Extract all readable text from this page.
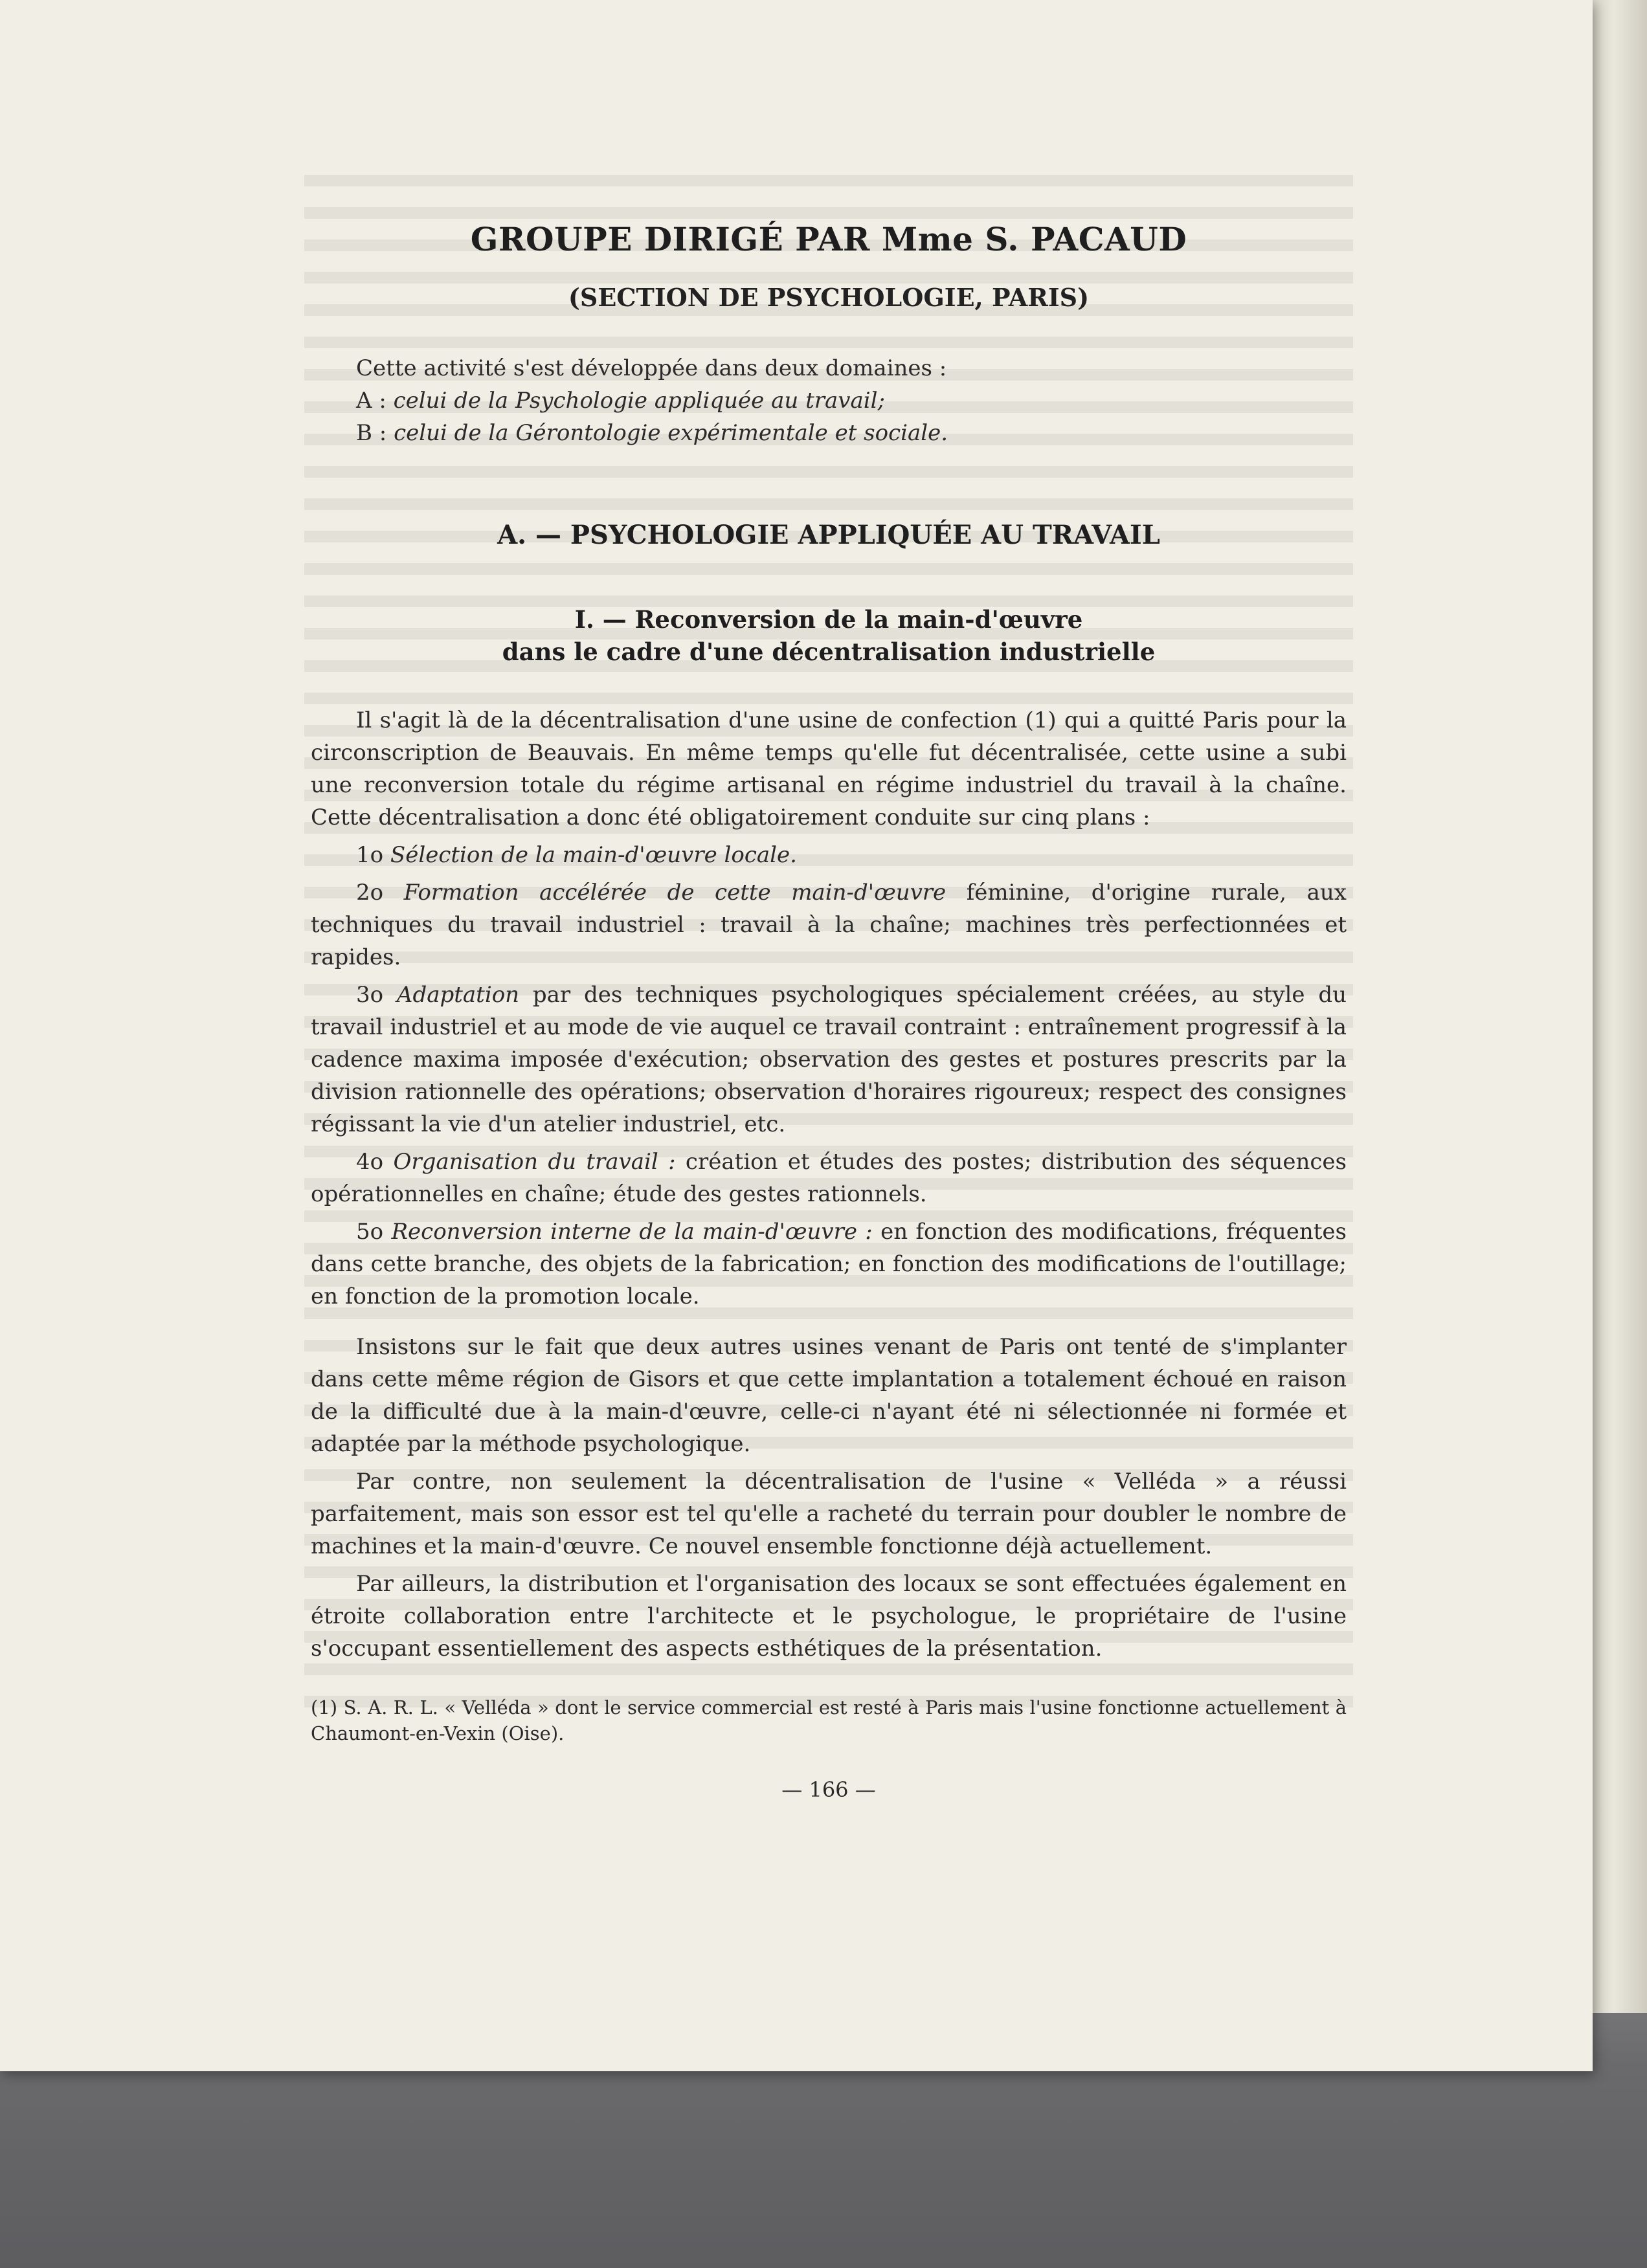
GROUPE DIRIGÉ PAR Mme S. PACAUD
(SECTION DE PSYCHOLOGIE, PARIS)
Cette activité s'est développée dans deux domaines :
A : celui de la Psychologie appliquée au travail;
B : celui de la Gérontologie expérimentale et sociale.
A. — PSYCHOLOGIE APPLIQUÉE AU TRAVAIL
I. — Reconversion de la main-d'œuvre
dans le cadre d'une décentralisation industrielle

Il s'agit là de la décentralisation d'une usine de confection (1) qui a quitté Paris pour la circonscription de Beauvais. En même temps qu'elle fut décentralisée, cette usine a subi une reconversion totale du régime artisanal en régime industriel du travail à la chaîne. Cette décentralisation a donc été obligatoirement conduite sur cinq plans :

1o Sélection de la main-d'œuvre locale.
2o Formation accélérée de cette main-d'œuvre féminine, d'origine rurale, aux techniques du travail industriel : travail à la chaîne; machines très perfectionnées et rapides.
3o Adaptation par des techniques psychologiques spécialement créées, au style du travail industriel et au mode de vie auquel ce travail contraint : entraînement progressif à la cadence maxima imposée d'exécution; observation des gestes et postures prescrits par la division rationnelle des opérations; observation d'horaires rigoureux; respect des consignes régissant la vie d'un atelier industriel, etc.
4o Organisation du travail : création et études des postes; distribution des séquences opérationnelles en chaîne; étude des gestes rationnels.
5o Reconversion interne de la main-d'œuvre : en fonction des modifications, fréquentes dans cette branche, des objets de la fabrication; en fonction des modifications de l'outillage; en fonction de la promotion locale.

Insistons sur le fait que deux autres usines venant de Paris ont tenté de s'implanter dans cette même région de Gisors et que cette implantation a totalement échoué en raison de la difficulté due à la main-d'œuvre, celle-ci n'ayant été ni sélectionnée ni formée et adaptée par la méthode psychologique.

Par contre, non seulement la décentralisation de l'usine « Velléda » a réussi parfaitement, mais son essor est tel qu'elle a racheté du terrain pour doubler le nombre de machines et la main-d'œuvre. Ce nouvel ensemble fonctionne déjà actuellement.

Par ailleurs, la distribution et l'organisation des locaux se sont effectuées également en étroite collaboration entre l'architecte et le psychologue, le propriétaire de l'usine s'occupant essentiellement des aspects esthétiques de la présentation.

(1) S. A. R. L. « Velléda » dont le service commercial est resté à Paris mais l'usine fonctionne actuellement à Chaumont-en-Vexin (Oise).
— 166 —
